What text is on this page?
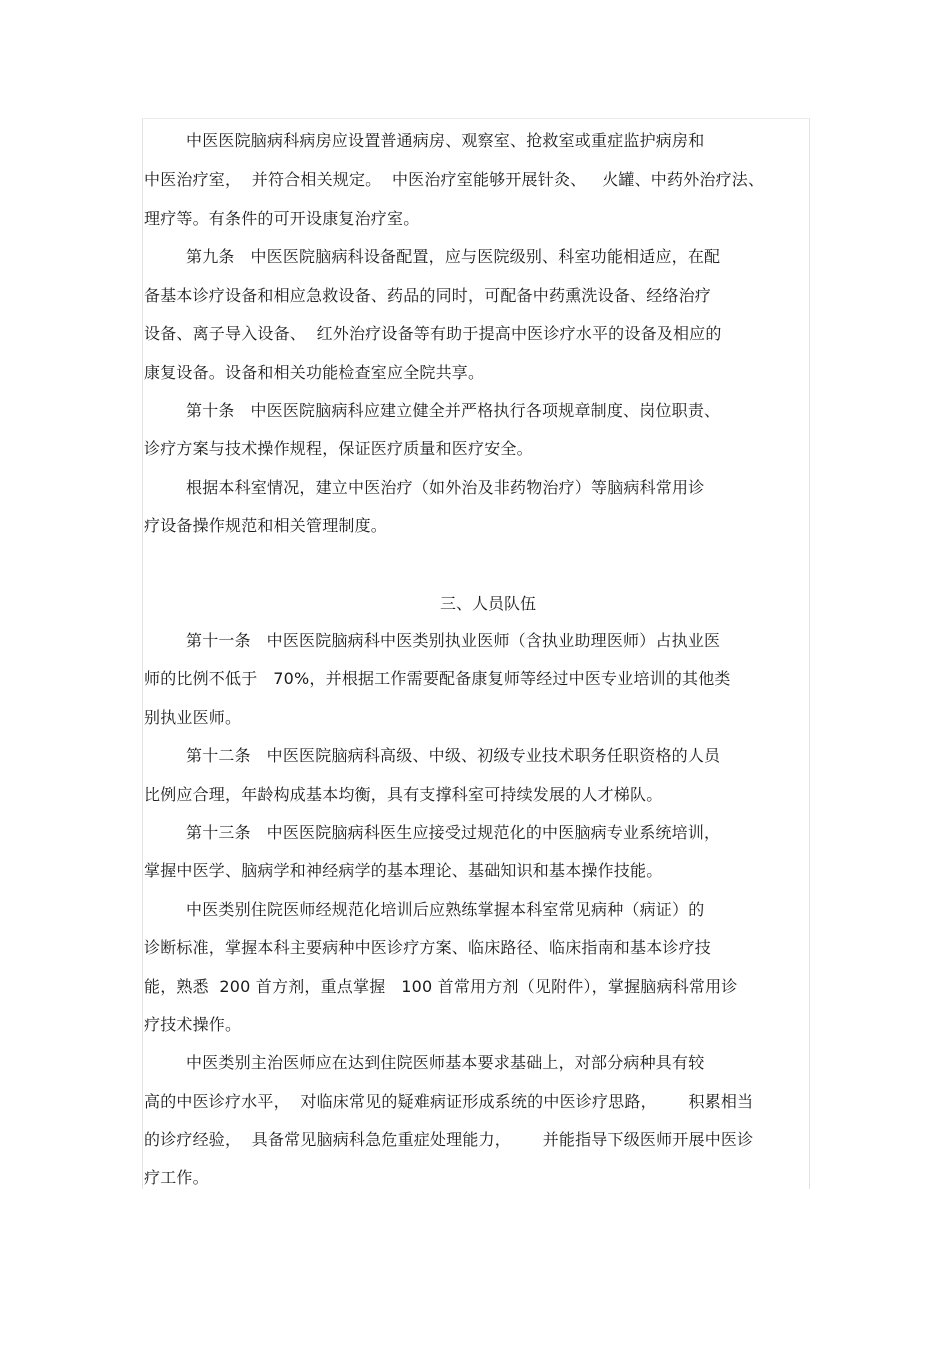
中医医院脑病科病房应设置普通病房、观察室、抢救室或重症监护病房和
中医治疗室，  并符合相关规定。  中医治疗室能够开展针灸、   火罐、中药外治疗法、
理疗等。有条件的可开设康复治疗室。
第九条   中医医院脑病科设备配置，应与医院级别、科室功能相适应，在配
备基本诊疗设备和相应急救设备、药品的同时，可配备中药熏洗设备、经络治疗
设备、离子导入设备、  红外治疗设备等有助于提高中医诊疗水平的设备及相应的
康复设备。设备和相关功能检查室应全院共享。
第十条   中医医院脑病科应建立健全并严格执行各项规章制度、岗位职责、
诊疗方案与技术操作规程，保证医疗质量和医疗安全。
根据本科室情况，建立中医治疗（如外治及非药物治疗）等脑病科常用诊
疗设备操作规范和相关管理制度。
三、人员队伍
第十一条   中医医院脑病科中医类别执业医师（含执业助理医师）占执业医
师的比例不低于   70%，并根据工作需要配备康复师等经过中医专业培训的其他类
别执业医师。
第十二条   中医医院脑病科高级、中级、初级专业技术职务任职资格的人员
比例应合理，年龄构成基本均衡，具有支撑科室可持续发展的人才梯队。
第十三条   中医医院脑病科医生应接受过规范化的中医脑病专业系统培训，
掌握中医学、脑病学和神经病学的基本理论、基础知识和基本操作技能。
中医类别住院医师经规范化培训后应熟练掌握本科室常见病种（病证）的
诊断标准，掌握本科主要病种中医诊疗方案、临床路径、临床指南和基本诊疗技
能，熟悉  200 首方剂，重点掌握   100 首常用方剂（见附件），掌握脑病科常用诊
疗技术操作。
中医类别主治医师应在达到住院医师基本要求基础上，对部分病种具有较
高的中医诊疗水平，  对临床常见的疑难病证形成系统的中医诊疗思路，      积累相当
的诊疗经验，  具备常见脑病科急危重症处理能力，      并能指导下级医师开展中医诊
疗工作。
